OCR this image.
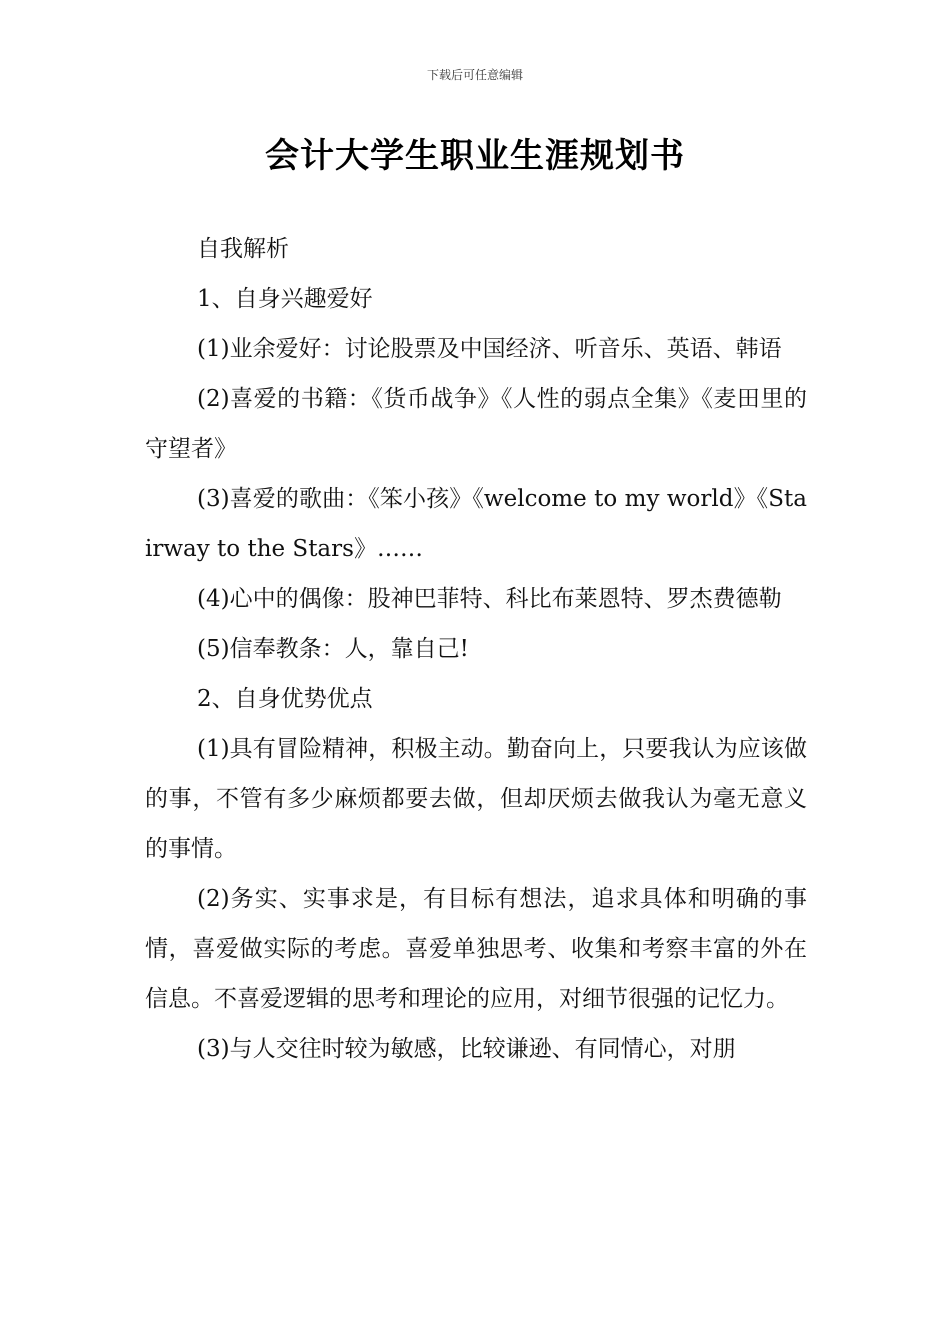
下载后可任意编辑
会计大学生职业生涯规划书

自我解析

1、自身兴趣爱好

(1)业余爱好：讨论股票及中国经济、听音乐、英语、韩语

(2)喜爱的书籍：《货币战争》《人性的弱点全集》《麦田里的守望者》

(3)喜爱的歌曲：《笨小孩》《welcome to my world》《Stairway to the Stars》……

(4)心中的偶像：股神巴菲特、科比布莱恩特、罗杰费德勒

(5)信奉教条：人，靠自己!

2、自身优势优点

(1)具有冒险精神，积极主动。勤奋向上，只要我认为应该做的事，不管有多少麻烦都要去做，但却厌烦去做我认为毫无意义的事情。

(2)务实、实事求是，有目标有想法，追求具体和明确的事情，喜爱做实际的考虑。喜爱单独思考、收集和考察丰富的外在信息。不喜爱逻辑的思考和理论的应用，对细节很强的记忆力。

(3)与人交往时较为敏感，比较谦逊、有同情心，对朋
